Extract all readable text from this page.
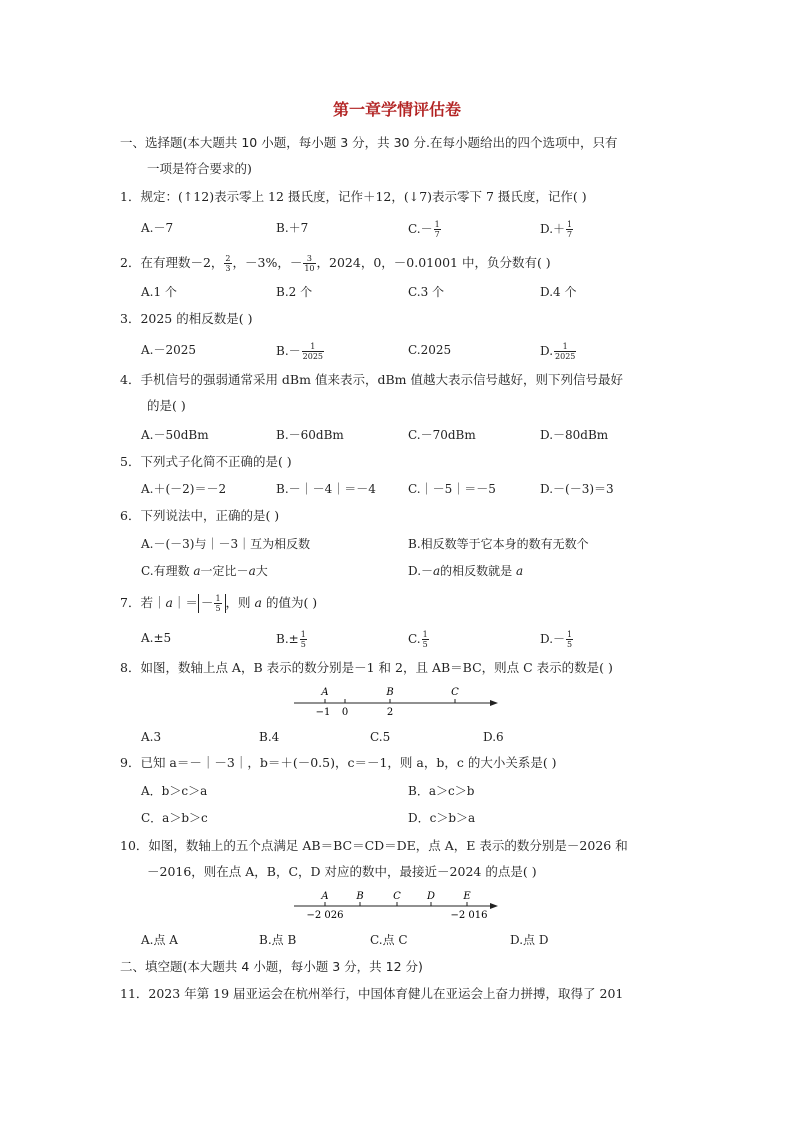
第一章学情评估卷
一、选择题(本大题共 10 小题，每小题 3 分，共 30 分.在每小题给出的四个选项中，只有
一项是符合要求的)
1．规定：(↑12)表示零上 12 摄氏度，记作＋12，(↓7)表示零下 7 摄氏度，记作( )
A.－7	B.＋7	$C.- \frac{1}{7}$	$D.+ \frac{1}{7}$
2．在有理数－2， $\frac{2}{3}$ ，－3%，－ $\frac{3}{10}$ ，2024，0，－0.01001 中，负分数有( )
A.1 个	B.2 个	C.3 个	D.4 个
3．2025 的相反数是( )
A.－2025	$B.- \frac{1}{2025}$	C.2025	D. $\frac{1}{2025}$
4．手机信号的强弱通常采用 dBm 值来表示，dBm 值越大表示信号越好，则下列信号最好
的是( )
A.－50dBm	B.－60dBm	C.－70dBm	D.－80dBm
5．下列式子化简不正确的是( )
A.＋(－2)＝－2	B.－｜－4｜＝－4	C.｜－5｜＝－5	D.－(－3)＝3
6．下列说法中，正确的是( )
A.－(－3)与｜－3｜互为相反数	B.相反数等于它本身的数有无数个
C.有理数 a一定比－a大	D.－a的相反数就是 a
7．若｜a｜＝ － $\frac{1}{5}$ ，则 a 的值为( )
A.±5	$B.\pm \frac{1}{5}$	C. $\frac{1}{5}$	$D.- \frac{1}{5}$
8．如图，数轴上点 A，B 表示的数分别是－1 和 2，且 AB＝BC，则点 C 表示的数是( )
A	B	C
−1 0	2
A.3	B.4	C.5	D.6
9．已知 a＝－｜－3｜，b＝＋(－0.5)，c＝－1，则 a，b，c 的大小关系是( )
A．b＞c＞a	B．a＞c＞b
C．a＞b＞c	D．c＞b＞a
10．如图，数轴上的五个点满足 AB＝BC＝CD＝DE，点 A，E 表示的数分别是－2026 和
－2016，则在点 A，B，C，D 对应的数中，最接近－2024 的点是( )
A	B	C	D	E
−2 026	−2 016
A.点 A	B.点 B	C.点 C	D.点 D
二、填空题(本大题共 4 小题，每小题 3 分，共 12 分)
11．2023 年第 19 届亚运会在杭州举行，中国体育健儿在亚运会上奋力拼搏，取得了 201
